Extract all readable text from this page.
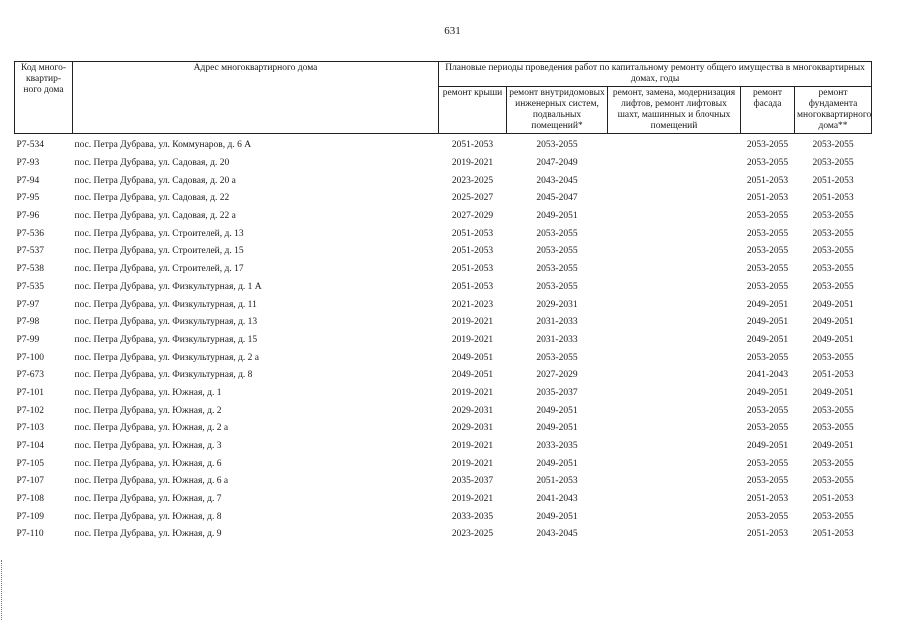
631
Код много-квартир-ного дома	Адрес многоквартирного дома	Плановые периоды проведения работ по капитальному ремонту общего имущества в многоквартирных домах, годы				
		ремонт крыши	ремонт внутридомовых инженерных систем, подвальных помещений*	ремонт, замена, модернизация лифтов, ремонт лифтовых шахт, машинных и блочных помещений	ремонт фасада	ремонт фундамента многоквартирного дома**

P7-534	пос. Петра Дубрава, ул. Коммунаров, д. 6 А	2051-2053	2053-2055		2053-2055	2053-2055
P7-93	пос. Петра Дубрава, ул. Садовая, д. 20	2019-2021	2047-2049		2053-2055	2053-2055
P7-94	пос. Петра Дубрава, ул. Садовая, д. 20 а	2023-2025	2043-2045		2051-2053	2051-2053
P7-95	пос. Петра Дубрава, ул. Садовая, д. 22	2025-2027	2045-2047		2051-2053	2051-2053
P7-96	пос. Петра Дубрава, ул. Садовая, д. 22 а	2027-2029	2049-2051		2053-2055	2053-2055
P7-536	пос. Петра Дубрава, ул. Строителей, д. 13	2051-2053	2053-2055		2053-2055	2053-2055
P7-537	пос. Петра Дубрава, ул. Строителей, д. 15	2051-2053	2053-2055		2053-2055	2053-2055
P7-538	пос. Петра Дубрава, ул. Строителей, д. 17	2051-2053	2053-2055		2053-2055	2053-2055
P7-535	пос. Петра Дубрава, ул. Физкультурная, д. 1 А	2051-2053	2053-2055		2053-2055	2053-2055
P7-97	пос. Петра Дубрава, ул. Физкультурная, д. 11	2021-2023	2029-2031		2049-2051	2049-2051
P7-98	пос. Петра Дубрава, ул. Физкультурная, д. 13	2019-2021	2031-2033		2049-2051	2049-2051
P7-99	пос. Петра Дубрава, ул. Физкультурная, д. 15	2019-2021	2031-2033		2049-2051	2049-2051
P7-100	пос. Петра Дубрава, ул. Физкультурная, д. 2 а	2049-2051	2053-2055		2053-2055	2053-2055
P7-673	пос. Петра Дубрава, ул. Физкультурная, д. 8	2049-2051	2027-2029		2041-2043	2051-2053
P7-101	пос. Петра Дубрава, ул. Южная, д. 1	2019-2021	2035-2037		2049-2051	2049-2051
P7-102	пос. Петра Дубрава, ул. Южная, д. 2	2029-2031	2049-2051		2053-2055	2053-2055
P7-103	пос. Петра Дубрава, ул. Южная, д. 2 а	2029-2031	2049-2051		2053-2055	2053-2055
P7-104	пос. Петра Дубрава, ул. Южная, д. 3	2019-2021	2033-2035		2049-2051	2049-2051
P7-105	пос. Петра Дубрава, ул. Южная, д. 6	2019-2021	2049-2051		2053-2055	2053-2055
P7-107	пос. Петра Дубрава, ул. Южная, д. 6 а	2035-2037	2051-2053		2053-2055	2053-2055
P7-108	пос. Петра Дубрава, ул. Южная, д. 7	2019-2021	2041-2043		2051-2053	2051-2053
P7-109	пос. Петра Дубрава, ул. Южная, д. 8	2033-2035	2049-2051		2053-2055	2053-2055
P7-110	пос. Петра Дубрава, ул. Южная, д. 9	2023-2025	2043-2045		2051-2053	2051-2053
